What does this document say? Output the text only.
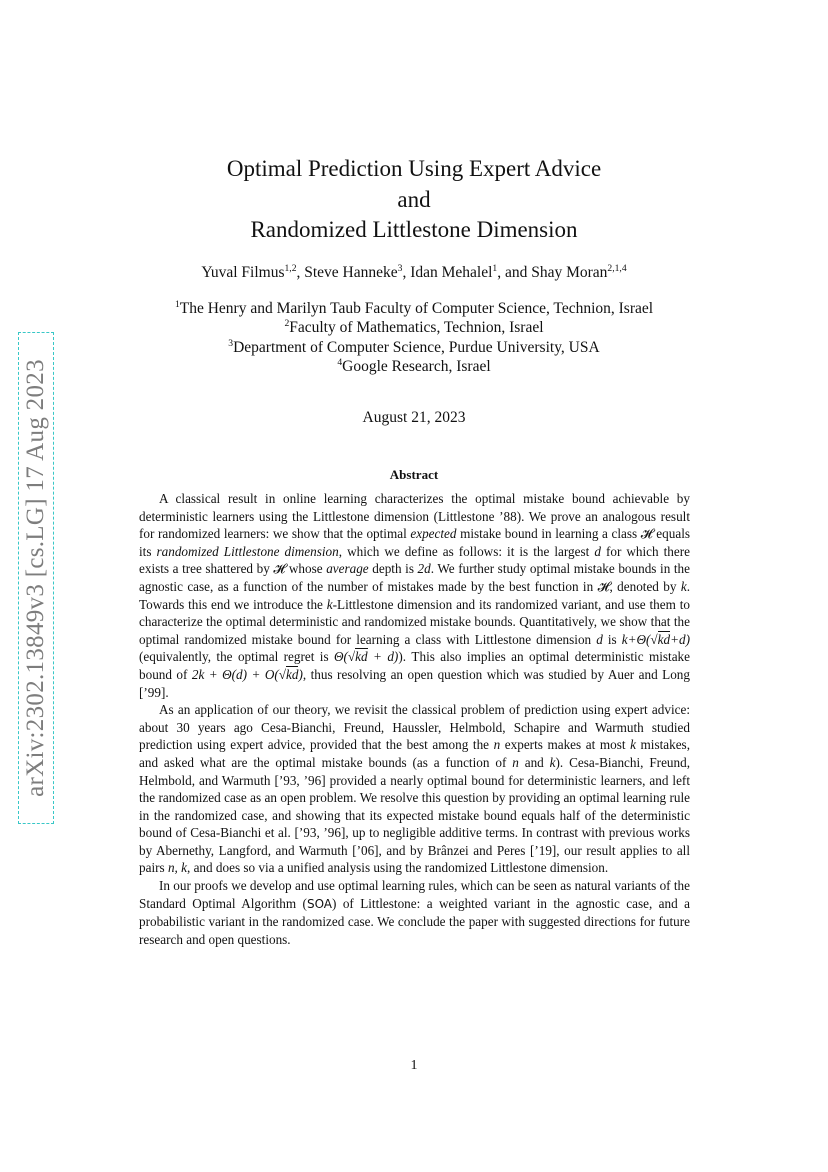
arXiv:2302.13849v3 [cs.LG] 17 Aug 2023
Optimal Prediction Using Expert Advice
and
Randomized Littlestone Dimension
Yuval Filmus$^{1,2}$, Steve Hanneke$^3$, Idan Mehalel$^1$, and Shay Moran$^{2,1,4}$
$^1$The Henry and Marilyn Taub Faculty of Computer Science, Technion, Israel
$^2$Faculty of Mathematics, Technion, Israel
$^3$Department of Computer Science, Purdue University, USA
$^4$Google Research, Israel
August 21, 2023
Abstract

A classical result in online learning characterizes the optimal mistake bound achievable by deterministic learners using the Littlestone dimension (Littlestone ’88). We prove an analogous result for randomized learners: we show that the optimal expected mistake bound in learning a class 𝓗 equals its randomized Littlestone dimension, which we define as follows: it is the largest d for which there exists a tree shattered by 𝓗 whose average depth is 2d. We further study optimal mistake bounds in the agnostic case, as a function of the number of mistakes made by the best function in 𝓗, denoted by k. Towards this end we introduce the k-Littlestone dimension and its randomized variant, and use them to characterize the optimal deterministic and randomized mistake bounds. Quantitatively, we show that the optimal randomized mistake bound for learning a class with Littlestone dimension d is k+Θ(√kd+d) (equivalently, the optimal regret is Θ(√kd + d)). This also implies an optimal deterministic mistake bound of 2k + Θ(d) + O(√kd), thus resolving an open question which was studied by Auer and Long [’99].

As an application of our theory, we revisit the classical problem of prediction using expert advice: about 30 years ago Cesa-Bianchi, Freund, Haussler, Helmbold, Schapire and Warmuth studied prediction using expert advice, provided that the best among the n experts makes at most k mistakes, and asked what are the optimal mistake bounds (as a function of n and k). Cesa-Bianchi, Freund, Helmbold, and Warmuth [’93, ’96] provided a nearly optimal bound for deterministic learners, and left the randomized case as an open problem. We resolve this question by providing an optimal learning rule in the randomized case, and showing that its expected mistake bound equals half of the deterministic bound of Cesa-Bianchi et al. [’93, ’96], up to negligible additive terms. In contrast with previous works by Abernethy, Langford, and Warmuth [’06], and by Brânzei and Peres [’19], our result applies to all pairs n, k, and does so via a unified analysis using the randomized Littlestone dimension.

In our proofs we develop and use optimal learning rules, which can be seen as natural variants of the Standard Optimal Algorithm (SOA) of Littlestone: a weighted variant in the agnostic case, and a probabilistic variant in the randomized case. We conclude the paper with suggested directions for future research and open questions.

1
